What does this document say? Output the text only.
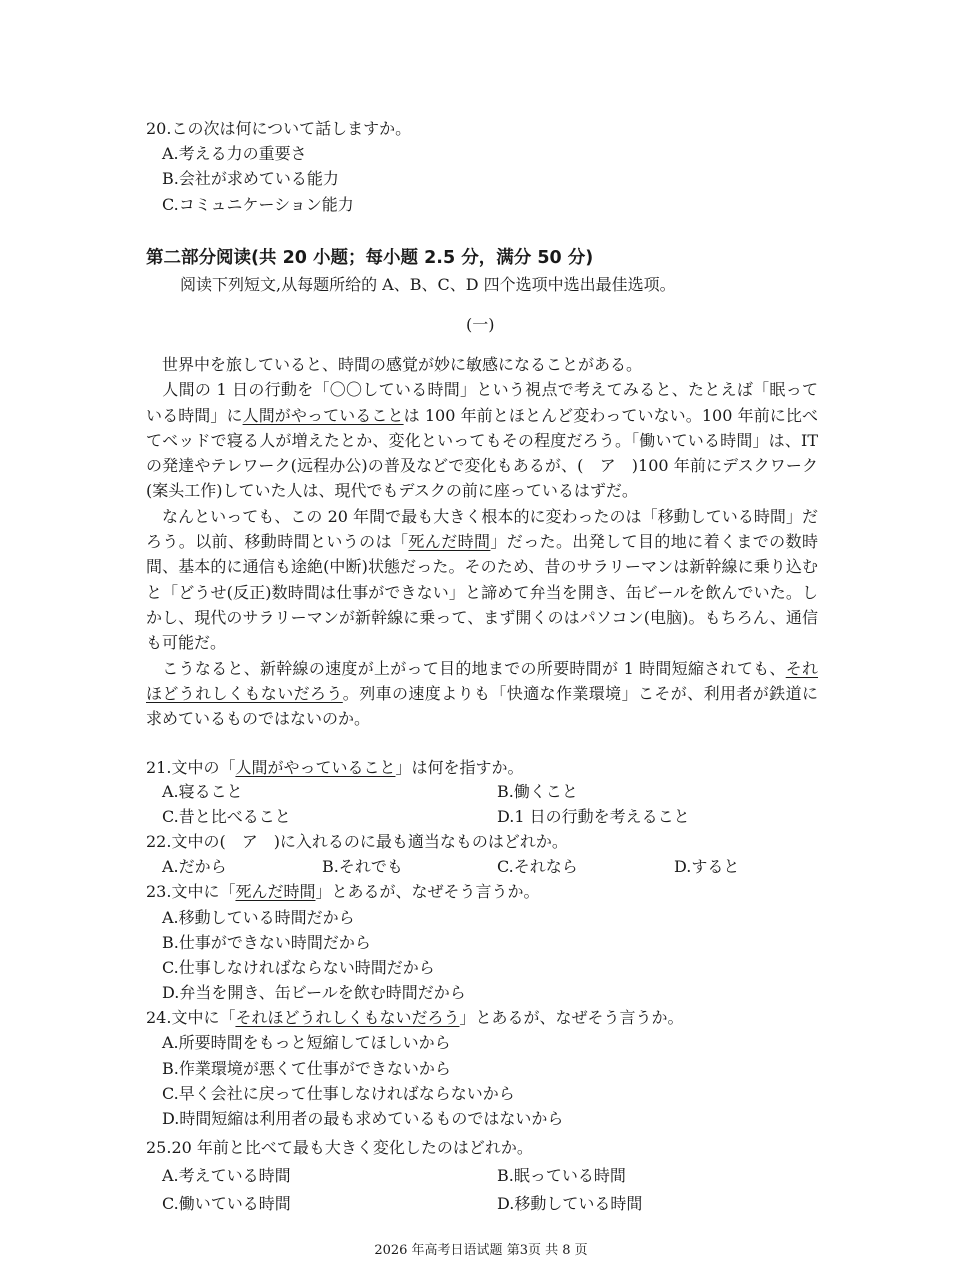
20.この次は何について話しますか。
A.考える力の重要さ
B.会社が求めている能力
C.コミュニケーション能力
第二部分阅读(共 20 小题；每小题 2.5 分，满分 50 分)
阅读下列短文,从每题所给的 A、B、C、D 四个选项中选出最佳选项。
(一)

　世界中を旅していると、時間の感覚が妙に敏感になることがある。

　人間の 1 日の行動を「〇〇している時間」という視点で考えてみると、たとえば「眠っている時間」に人間がやっていることは 100 年前とほとんど変わっていない。100 年前に比べてベッドで寝る人が増えたとか、変化といってもその程度だろう。「働いている時間」は、IT の発達やテレワーク(远程办公)の普及などで変化もあるが、(　ア　)100 年前にデスクワーク(案头工作)していた人は、現代でもデスクの前に座っているはずだ。

　なんといっても、この 20 年間で最も大きく根本的に変わったのは「移動している時間」だろう。以前、移動時間というのは「死んだ時間」だった。出発して目的地に着くまでの数時間、基本的に通信も途絶(中断)状態だった。そのため、昔のサラリーマンは新幹線に乗り込むと「どうせ(反正)数時間は仕事ができない」と諦めて弁当を開き、缶ビールを飲んでいた。しかし、現代のサラリーマンが新幹線に乗って、まず開くのはパソコン(电脑)。もちろん、通信も可能だ。

　こうなると、新幹線の速度が上がって目的地までの所要時間が 1 時間短縮されても、それほどうれしくもないだろう。列車の速度よりも「快適な作業環境」こそが、利用者が鉄道に求めているものではないのか。

21.文中の「人間がやっていること」は何を指すか。
A.寝ること	B.働くこと
C.昔と比べること	D.1 日の行動を考えること
22.文中の(　ア　)に入れるのに最も適当なものはどれか。
A.だから	B.それでも	C.それなら	D.すると
23.文中に「死んだ時間」とあるが、なぜそう言うか。
A.移動している時間だから
B.仕事ができない時間だから
C.仕事しなければならない時間だから
D.弁当を開き、缶ビールを飲む時間だから
24.文中に「それほどうれしくもないだろう」とあるが、なぜそう言うか。
A.所要時間をもっと短縮してほしいから
B.作業環境が悪くて仕事ができないから
C.早く会社に戻って仕事しなければならないから
D.時間短縮は利用者の最も求めているものではないから
25.20 年前と比べて最も大きく変化したのはどれか。
A.考えている時間	B.眠っている時間
C.働いている時間	D.移動している時間
2026 年高考日语试题 第3页 共 8 页
